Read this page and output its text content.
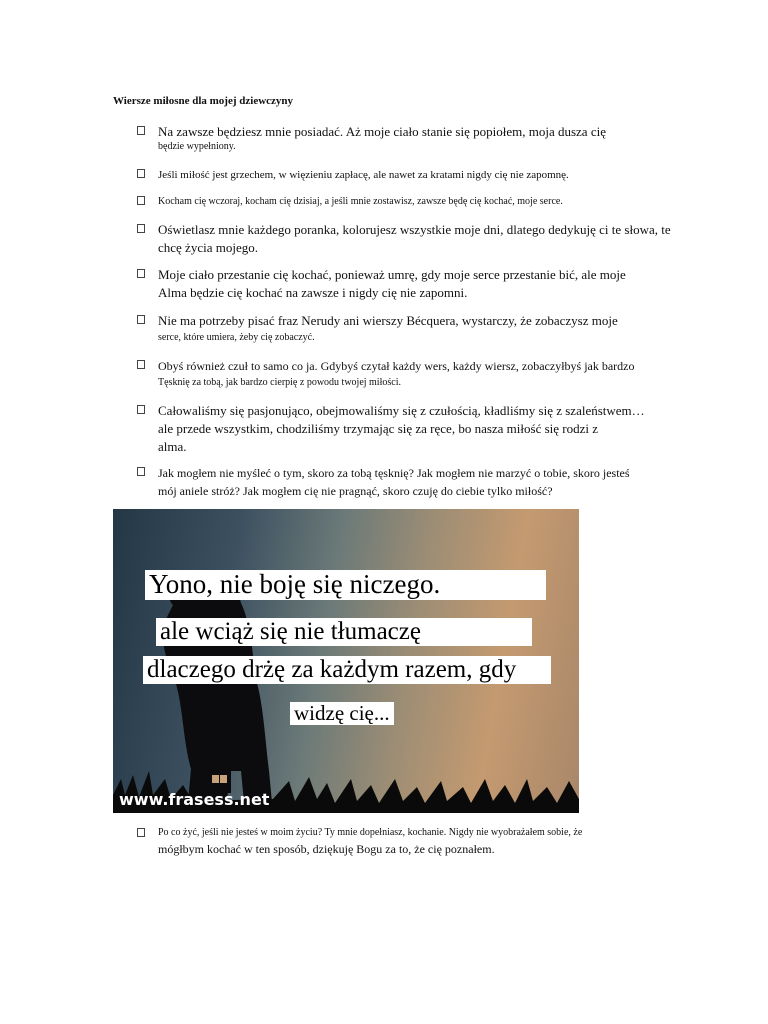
Wiersze miłosne dla mojej dziewczyny
Na zawsze będziesz mnie posiadać. Aż moje ciało stanie się popiołem, moja dusza cię
będzie wypełniony.
Jeśli miłość jest grzechem, w więzieniu zapłacę, ale nawet za kratami nigdy cię nie zapomnę.
Kocham cię wczoraj, kocham cię dzisiaj, a jeśli mnie zostawisz, zawsze będę cię kochać, moje serce.
Oświetlasz mnie każdego poranka, kolorujesz wszystkie moje dni, dlatego dedykuję ci te słowa, te
chcę życia mojego.
Moje ciało przestanie cię kochać, ponieważ umrę, gdy moje serce przestanie bić, ale moje
Alma będzie cię kochać na zawsze i nigdy cię nie zapomni.
Nie ma potrzeby pisać fraz Nerudy ani wierszy Bécquera, wystarczy, że zobaczysz moje
serce, które umiera, żeby cię zobaczyć.
Obyś również czuł to samo co ja. Gdybyś czytał każdy wers, każdy wiersz, zobaczyłbyś jak bardzo
Tęsknię za tobą, jak bardzo cierpię z powodu twojej miłości.
Całowaliśmy się pasjonująco, obejmowaliśmy się z czułością, kładliśmy się z szaleństwem…
ale przede wszystkim, chodziliśmy trzymając się za ręce, bo nasza miłość się rodzi z
alma.
Jak mogłem nie myśleć o tym, skoro za tobą tęsknię? Jak mogłem nie marzyć o tobie, skoro jesteś
mój aniele stróż? Jak mogłem cię nie pragnąć, skoro czuję do ciebie tylko miłość?
Yono, nie boję się niczego.
ale wciąż się nie tłumaczę
dlaczego drżę za każdym razem, gdy
widzę cię...
www.frasess.net
Po co żyć, jeśli nie jesteś w moim życiu? Ty mnie dopełniasz, kochanie. Nigdy nie wyobrażałem sobie, że
mógłbym kochać w ten sposób, dziękuję Bogu za to, że cię poznałem.
